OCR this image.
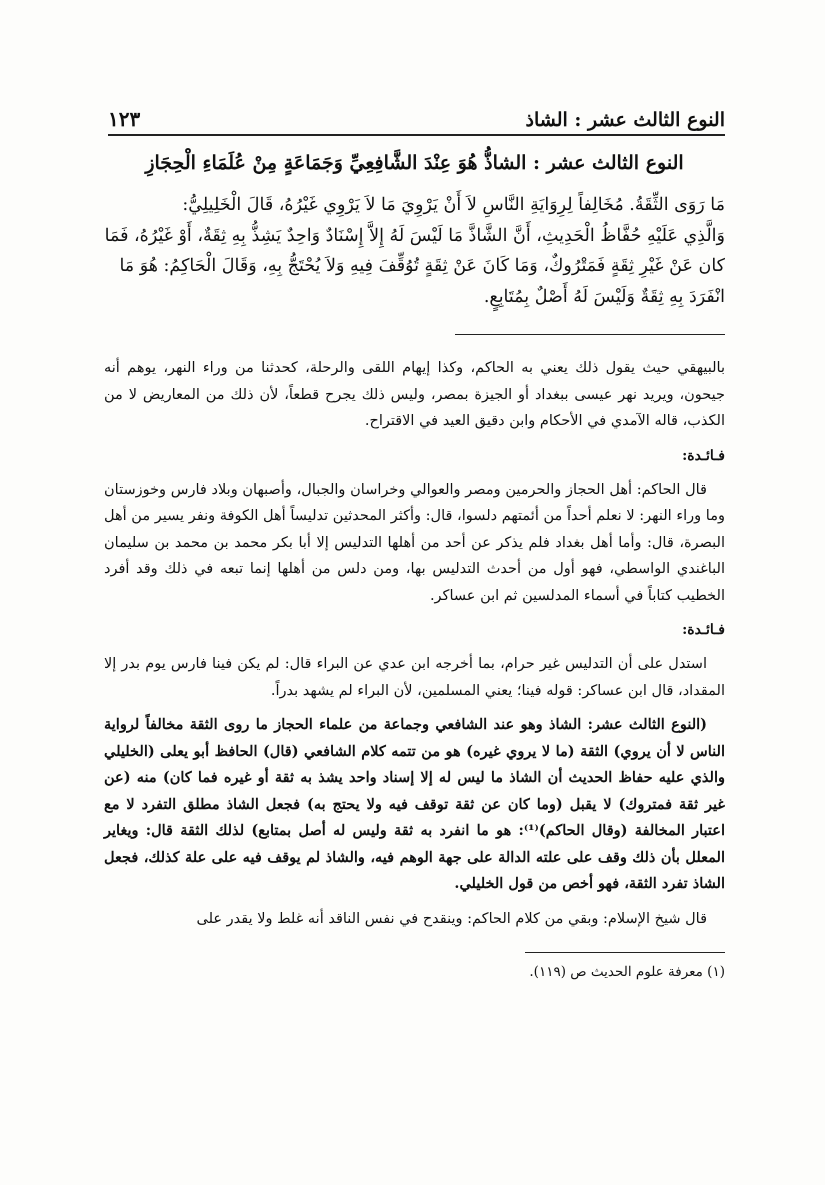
النوع الثالث عشر : الشاذ
١٢٣
النوع الثالث عشر : الشاذُّ هُوَ عِنْدَ الشَّافِعِيِّ وَجَمَاعَةٍ مِنْ عُلَمَاءِ الْحِجَازِ

مَا رَوَى الثِّقَةُ. مُخَالِفاً لِرِوَايَةِ النَّاسِ لاَ أَنْ يَرْوِيَ مَا لاَ يَرْوِي غَيْرُهُ، قَالَ الْخَلِيلِيُّ:

وَالَّذِي عَلَيْهِ حُفَّاظُ الْحَدِيثِ، أَنَّ الشَّاذَّ مَا لَيْسَ لَهُ إِلاَّ إِسْنَادٌ وَاحِدٌ يَشِذُّ بِهِ ثِقَةٌ، أَوْ غَيْرُهُ، فَمَا

كان عَنْ غَيْرِ ثِقَةٍ فَمَتْرُوكٌ، وَمَا كَانَ عَنْ ثِقَةٍ تُوُقِّفَ فِيهِ وَلاَ يُحْتَجُّ بِهِ، وَقَالَ الْحَاكِمُ: هُوَ مَا

انْفَرَدَ بِهِ ثِقَةٌ وَلَيْسَ لَهُ أَصْلٌ بِمُتَابِعٍ.

بالبيهقي حيث يقول ذلك يعني به الحاكم، وكذا إيهام اللقى والرحلة، كحدثنا من وراء النهر، يوهم أنه جيحون، ويريد نهر عيسى ببغداد أو الجيزة بمصر، وليس ذلك يجرح قطعاً، لأن ذلك من المعاريض لا من الكذب، قاله الآمدي في الأحكام وابن دقيق العيد في الاقتراح.

فـائـدة:

قال الحاكم: أهل الحجاز والحرمين ومصر والعوالي وخراسان والجبال، وأصبهان وبلاد فارس وخوزستان وما وراء النهر: لا نعلم أحداً من أئمتهم دلسوا، قال: وأكثر المحدثين تدليساً أهل الكوفة ونفر يسير من أهل البصرة، قال: وأما أهل بغداد فلم يذكر عن أحد من أهلها التدليس إلا أبا بكر محمد بن محمد بن سليمان الباغندي الواسطي، فهو أول من أحدث التدليس بها، ومن دلس من أهلها إنما تبعه في ذلك وقد أفرد الخطيب كتاباً في أسماء المدلسين ثم ابن عساكر.

فـائـدة:

استدل على أن التدليس غير حرام، بما أخرجه ابن عدي عن البراء قال: لم يكن فينا فارس يوم بدر إلا المقداد، قال ابن عساكر: قوله فينا؛ يعني المسلمين، لأن البراء لم يشهد بدراً.

(النوع الثالث عشر: الشاذ وهو عند الشافعي وجماعة من علماء الحجاز ما روى الثقة مخالفاً لرواية الناس لا أن يروي) الثقة (ما لا يروي غيره) هو من تتمه كلام الشافعي (قال) الحافظ أبو يعلى (الخليلي والذي عليه حفاظ الحديث أن الشاذ ما ليس له إلا إسناد واحد يشذ به ثقة أو غيره فما كان) منه (عن غير ثقة فمتروك) لا يقبل (وما كان عن ثقة توقف فيه ولا يحتج به) فجعل الشاذ مطلق التفرد لا مع اعتبار المخالفة (وقال الحاكم)⁽¹⁾: هو ما انفرد به ثقة وليس له أصل بمتابع) لذلك الثقة قال: ويغاير المعلل بأن ذلك وقف على علته الدالة على جهة الوهم فيه، والشاذ لم يوقف فيه على علة كذلك، فجعل الشاذ تفرد الثقة، فهو أخص من قول الخليلي.

قال شيخ الإسلام: وبقي من كلام الحاكم: وينقدح في نفس الناقد أنه غلط ولا يقدر على

(١) معرفة علوم الحديث ص (١١٩).
